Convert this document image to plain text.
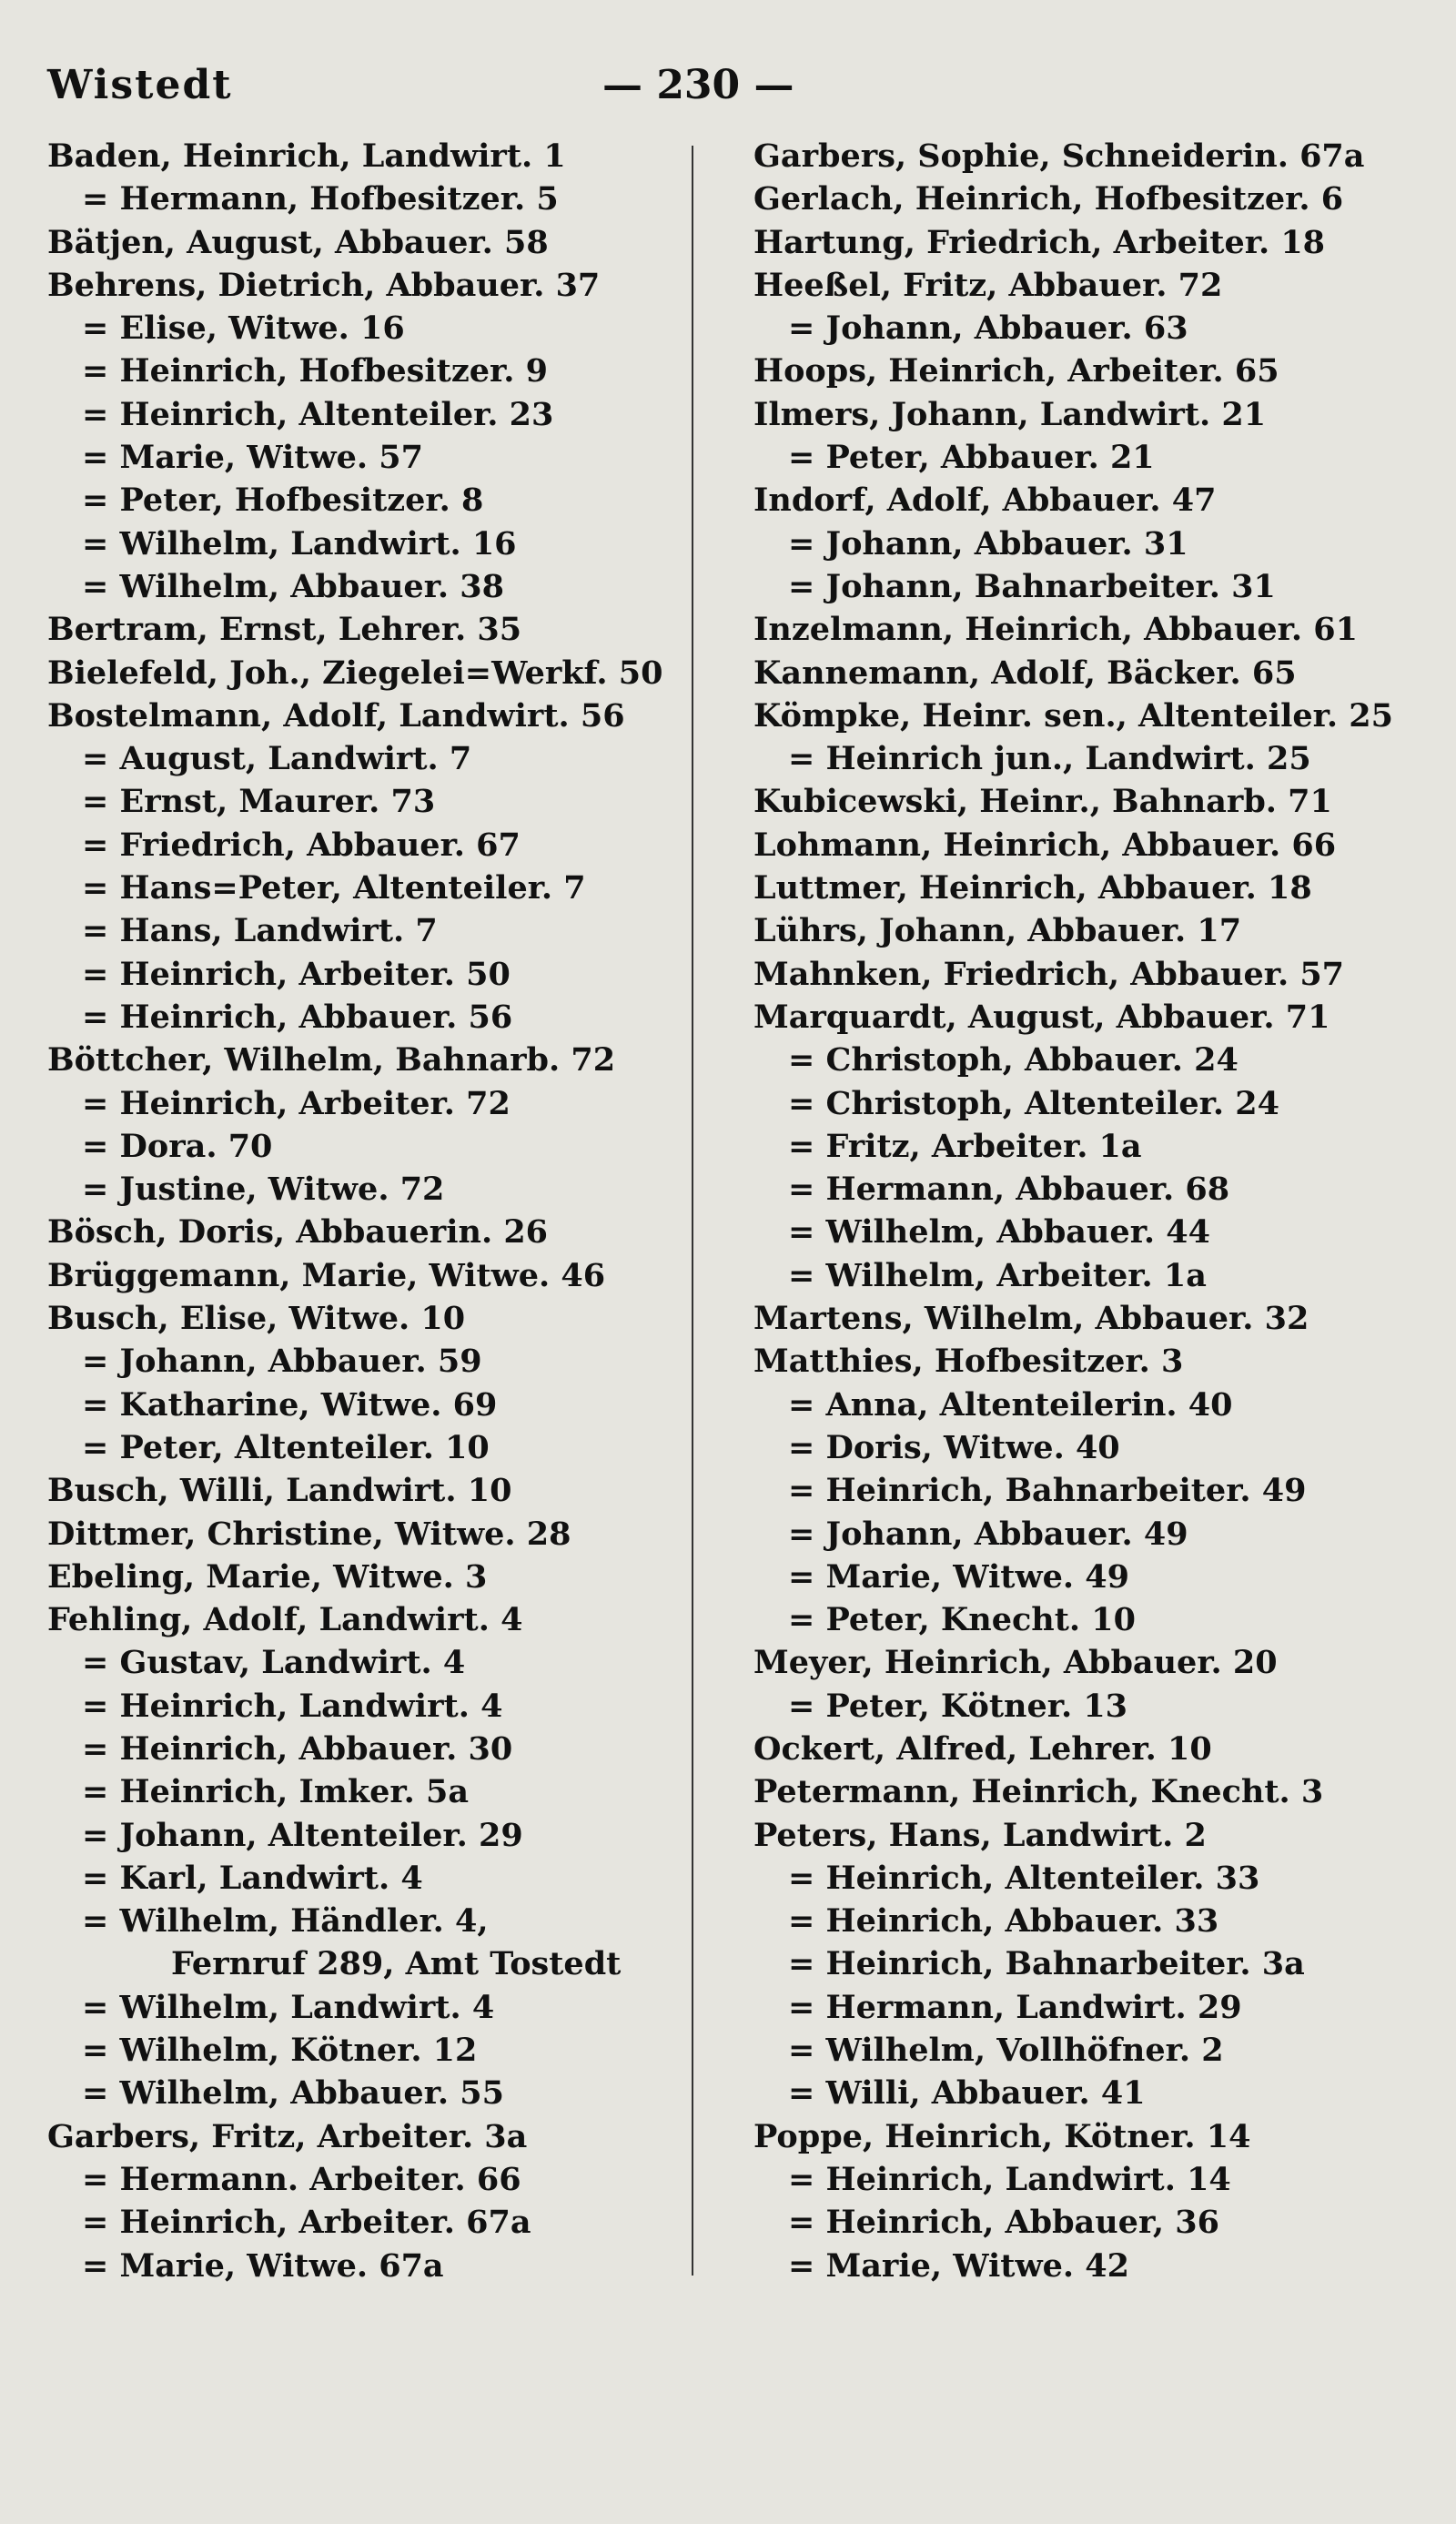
Wistedt	— 230 —
Baden, Heinrich, Landwirt. 1
= Hermann, Hofbesitzer. 5
Bätjen, August, Abbauer. 58
Behrens, Dietrich, Abbauer. 37
= Elise, Witwe. 16
= Heinrich, Hofbesitzer. 9
= Heinrich, Altenteiler. 23
= Marie, Witwe. 57
= Peter, Hofbesitzer. 8
= Wilhelm, Landwirt. 16
= Wilhelm, Abbauer. 38
Bertram, Ernst, Lehrer. 35
Bielefeld, Joh., Ziegelei=Werkf. 50
Bostelmann, Adolf, Landwirt. 56
= August, Landwirt. 7
= Ernst, Maurer. 73
= Friedrich, Abbauer. 67
= Hans=Peter, Altenteiler. 7
= Hans, Landwirt. 7
= Heinrich, Arbeiter. 50
= Heinrich, Abbauer. 56
Böttcher, Wilhelm, Bahnarb. 72
= Heinrich, Arbeiter. 72
= Dora. 70
= Justine, Witwe. 72
Bösch, Doris, Abbauerin. 26
Brüggemann, Marie, Witwe. 46
Busch, Elise, Witwe. 10
= Johann, Abbauer. 59
= Katharine, Witwe. 69
= Peter, Altenteiler. 10
Busch, Willi, Landwirt. 10
Dittmer, Christine, Witwe. 28
Ebeling, Marie, Witwe. 3
Fehling, Adolf, Landwirt. 4
= Gustav, Landwirt. 4
= Heinrich, Landwirt. 4
= Heinrich, Abbauer. 30
= Heinrich, Imker. 5a
= Johann, Altenteiler. 29
= Karl, Landwirt. 4
= Wilhelm, Händler. 4,
Fernruf 289, Amt Tostedt
= Wilhelm, Landwirt. 4
= Wilhelm, Kötner. 12
= Wilhelm, Abbauer. 55
Garbers, Fritz, Arbeiter. 3a
= Hermann. Arbeiter. 66
= Heinrich, Arbeiter. 67a
= Marie, Witwe. 67a
Garbers, Sophie, Schneiderin. 67a
Gerlach, Heinrich, Hofbesitzer. 6
Hartung, Friedrich, Arbeiter. 18
Heeßel, Fritz, Abbauer. 72
= Johann, Abbauer. 63
Hoops, Heinrich, Arbeiter. 65
Ilmers, Johann, Landwirt. 21
= Peter, Abbauer. 21
Indorf, Adolf, Abbauer. 47
= Johann, Abbauer. 31
= Johann, Bahnarbeiter. 31
Inzelmann, Heinrich, Abbauer. 61
Kannemann, Adolf, Bäcker. 65
Kömpke, Heinr. sen., Altenteiler. 25
= Heinrich jun., Landwirt. 25
Kubicewski, Heinr., Bahnarb. 71
Lohmann, Heinrich, Abbauer. 66
Luttmer, Heinrich, Abbauer. 18
Lührs, Johann, Abbauer. 17
Mahnken, Friedrich, Abbauer. 57
Marquardt, August, Abbauer. 71
= Christoph, Abbauer. 24
= Christoph, Altenteiler. 24
= Fritz, Arbeiter. 1a
= Hermann, Abbauer. 68
= Wilhelm, Abbauer. 44
= Wilhelm, Arbeiter. 1a
Martens, Wilhelm, Abbauer. 32
Matthies, Hofbesitzer. 3
= Anna, Altenteilerin. 40
= Doris, Witwe. 40
= Heinrich, Bahnarbeiter. 49
= Johann, Abbauer. 49
= Marie, Witwe. 49
= Peter, Knecht. 10
Meyer, Heinrich, Abbauer. 20
= Peter, Kötner. 13
Ockert, Alfred, Lehrer. 10
Petermann, Heinrich, Knecht. 3
Peters, Hans, Landwirt. 2
= Heinrich, Altenteiler. 33
= Heinrich, Abbauer. 33
= Heinrich, Bahnarbeiter. 3a
= Hermann, Landwirt. 29
= Wilhelm, Vollhöfner. 2
= Willi, Abbauer. 41
Poppe, Heinrich, Kötner. 14
= Heinrich, Landwirt. 14
= Heinrich, Abbauer, 36
= Marie, Witwe. 42
